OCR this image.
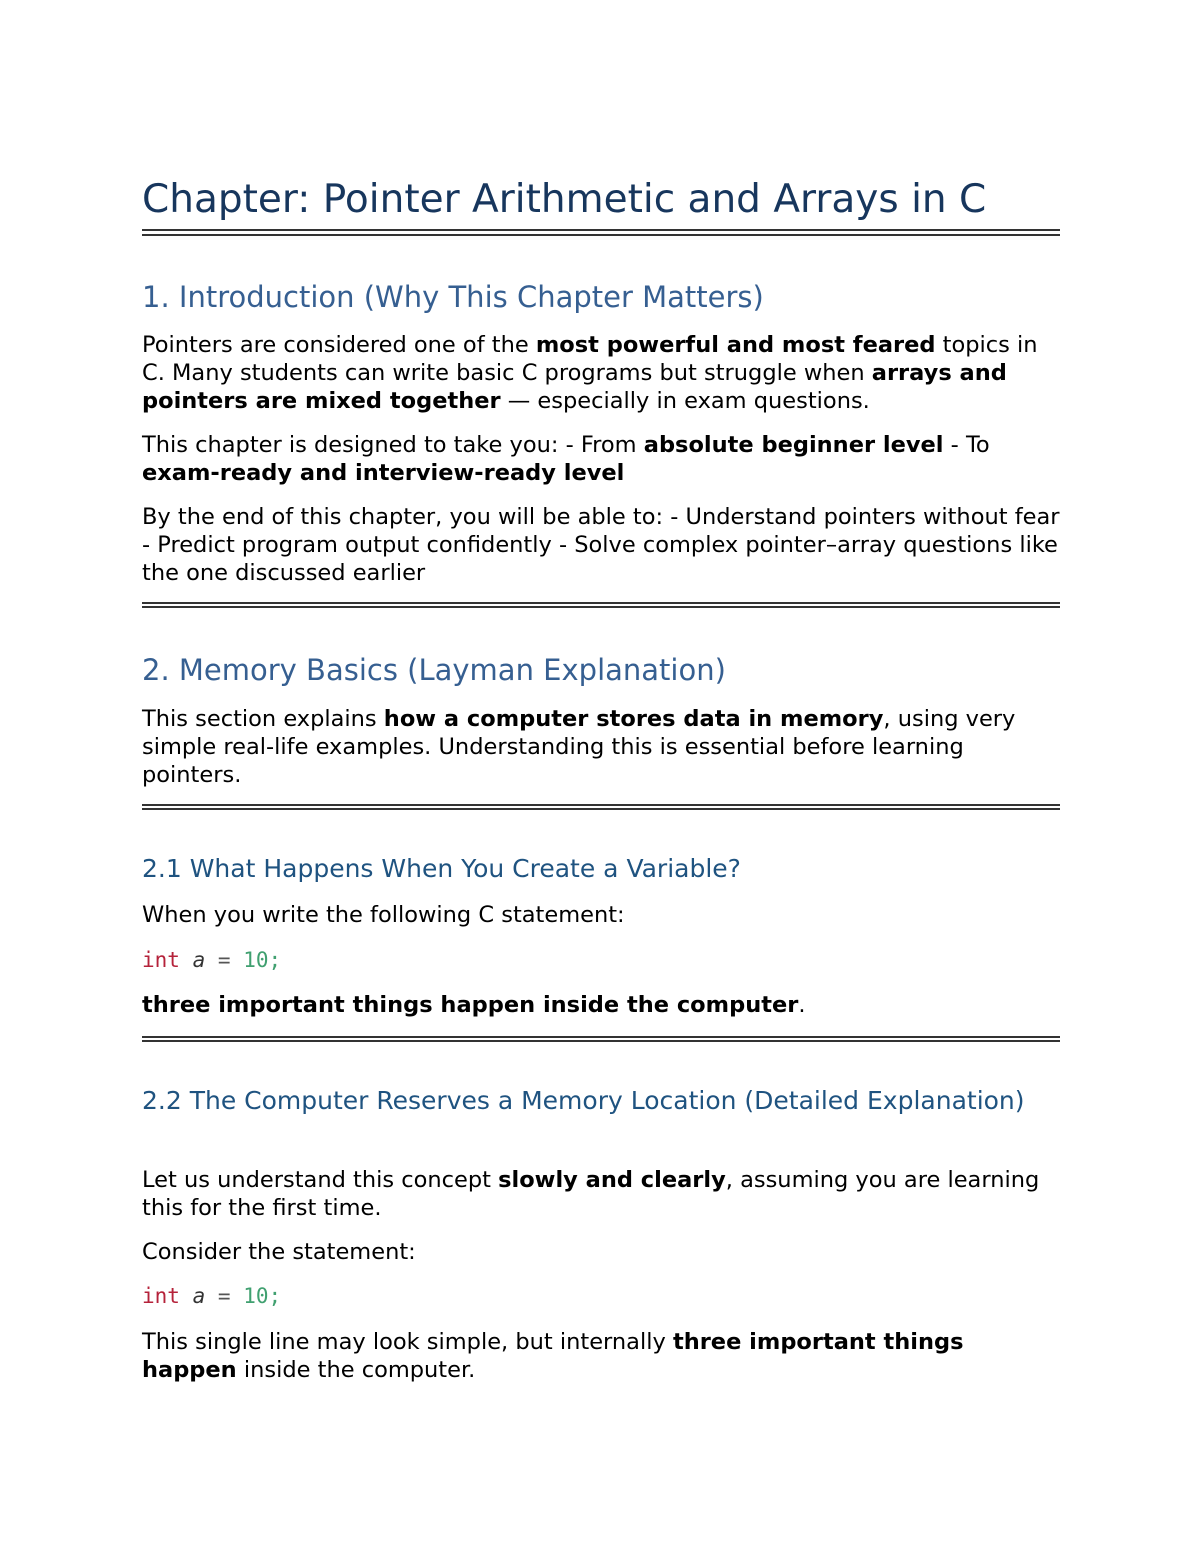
Chapter: Pointer Arithmetic and Arrays in C
1. Introduction (Why This Chapter Matters)

Pointers are considered one of the most powerful and most feared topics in C. Many students can write basic C programs but struggle when arrays and pointers are mixed together — especially in exam questions.

This chapter is designed to take you: - From absolute beginner level - To exam-ready and interview-ready level

By the end of this chapter, you will be able to: - Understand pointers without fear - Predict program output confidently - Solve complex pointer–array questions like the one discussed earlier

2. Memory Basics (Layman Explanation)

This section explains how a computer stores data in memory, using very simple real-life examples. Understanding this is essential before learning pointers.

2.1 What Happens When You Create a Variable?

When you write the following C statement:

int a = 10;

three important things happen inside the computer.

2.2 The Computer Reserves a Memory Location (Detailed Explanation)

Let us understand this concept slowly and clearly, assuming you are learning this for the first time.

Consider the statement:

int a = 10;

This single line may look simple, but internally three important things happen inside the computer.
